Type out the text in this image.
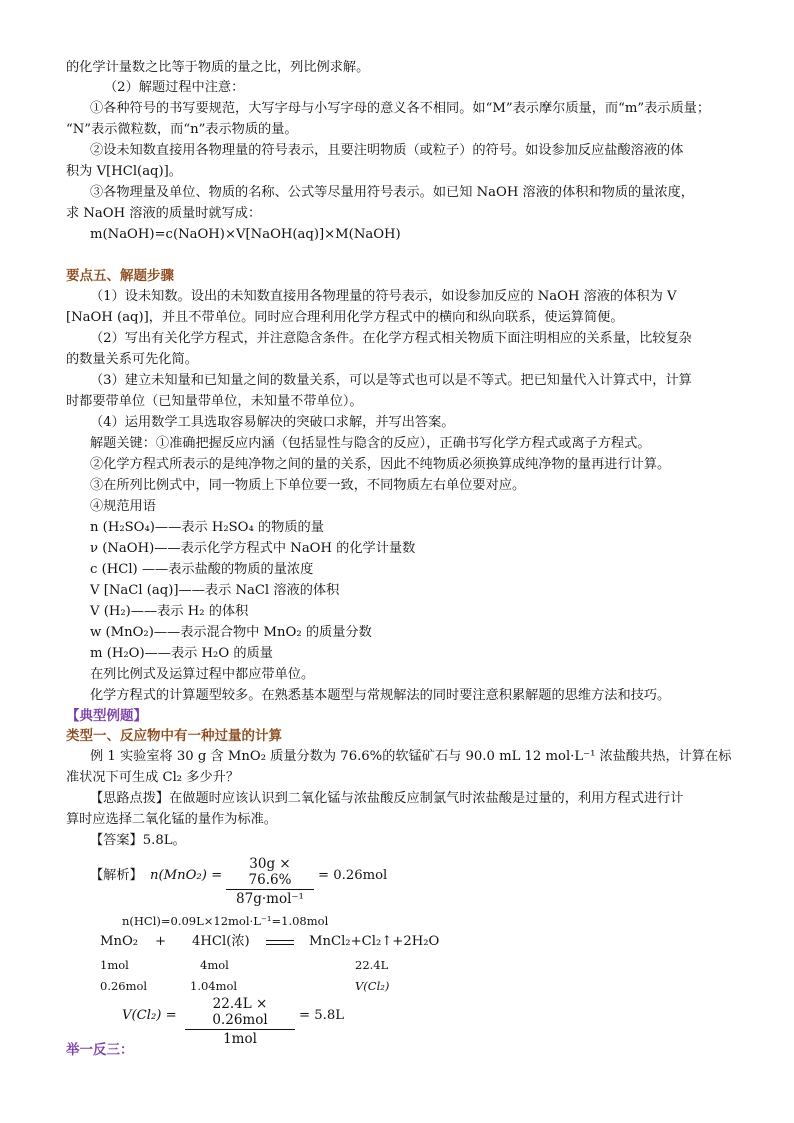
的化学计量数之比等于物质的量之比，列比例求解。
（2）解题过程中注意：
①各种符号的书写要规范，大写字母与小写字母的意义各不相同。如“M”表示摩尔质量，而“m”表示质量；
“N”表示微粒数，而“n”表示物质的量。
②设未知数直接用各物理量的符号表示，且要注明物质（或粒子）的符号。如设参加反应盐酸溶液的体
积为 V[HCl(aq)]。
③各物理量及单位、物质的名称、公式等尽量用符号表示。如已知 NaOH 溶液的体积和物质的量浓度，
求 NaOH 溶液的质量时就写成：
m(NaOH)=c(NaOH)×V[NaOH(aq)]×M(NaOH)
要点五、解题步骤
（1）设未知数。设出的未知数直接用各物理量的符号表示，如设参加反应的 NaOH 溶液的体积为 V
[NaOH (aq)]，并且不带单位。同时应合理利用化学方程式中的横向和纵向联系，使运算简便。
（2）写出有关化学方程式，并注意隐含条件。在化学方程式相关物质下面注明相应的关系量，比较复杂
的数量关系可先化简。
（3）建立未知量和已知量之间的数量关系，可以是等式也可以是不等式。把已知量代入计算式中，计算
时都要带单位（已知量带单位，未知量不带单位）。
（4）运用数学工具选取容易解决的突破口求解，并写出答案。
解题关键：①准确把握反应内涵（包括显性与隐含的反应），正确书写化学方程式或离子方程式。
②化学方程式所表示的是纯净物之间的量的关系，因此不纯物质必须换算成纯净物的量再进行计算。
③在所列比例式中，同一物质上下单位要一致，不同物质左右单位要对应。
④规范用语
n (H₂SO₄)——表示 H₂SO₄ 的物质的量
ν (NaOH)——表示化学方程式中 NaOH 的化学计量数
c (HCl) ——表示盐酸的物质的量浓度
V [NaCl (aq)]——表示 NaCl 溶液的体积
V (H₂)——表示 H₂ 的体积
w (MnO₂)——表示混合物中 MnO₂ 的质量分数
m (H₂O)——表示 H₂O 的质量
在列比例式及运算过程中都应带单位。
化学方程式的计算题型较多。在熟悉基本题型与常规解法的同时要注意积累解题的思维方法和技巧。
【典型例题】
类型一、反应物中有一种过量的计算
例 1 实验室将 30 g 含 MnO₂ 质量分数为 76.6%的软锰矿石与 90.0 mL 12 mol·L⁻¹ 浓盐酸共热，计算在标
准状况下可生成 Cl₂ 多少升？
【思路点拨】在做题时应该认识到二氧化锰与浓盐酸反应制氯气时浓盐酸是过量的，利用方程式进行计
算时应选择二氧化锰的量作为标准。
【答案】5.8L。
【解析】 n(MnO₂) =
30g × 76.6%
87g·mol⁻¹
= 0.26mol
n(HCl)=0.09L×12mol·L⁻¹=1.08mol
MnO₂ + 4HCl(浓)	MnCl₂+Cl₂↑+2H₂O
1mol	4mol	22.4L
0.26mol	1.04mol	V(Cl₂)
V(Cl₂) =
22.4L × 0.26mol
1mol
= 5.8L
举一反三：
